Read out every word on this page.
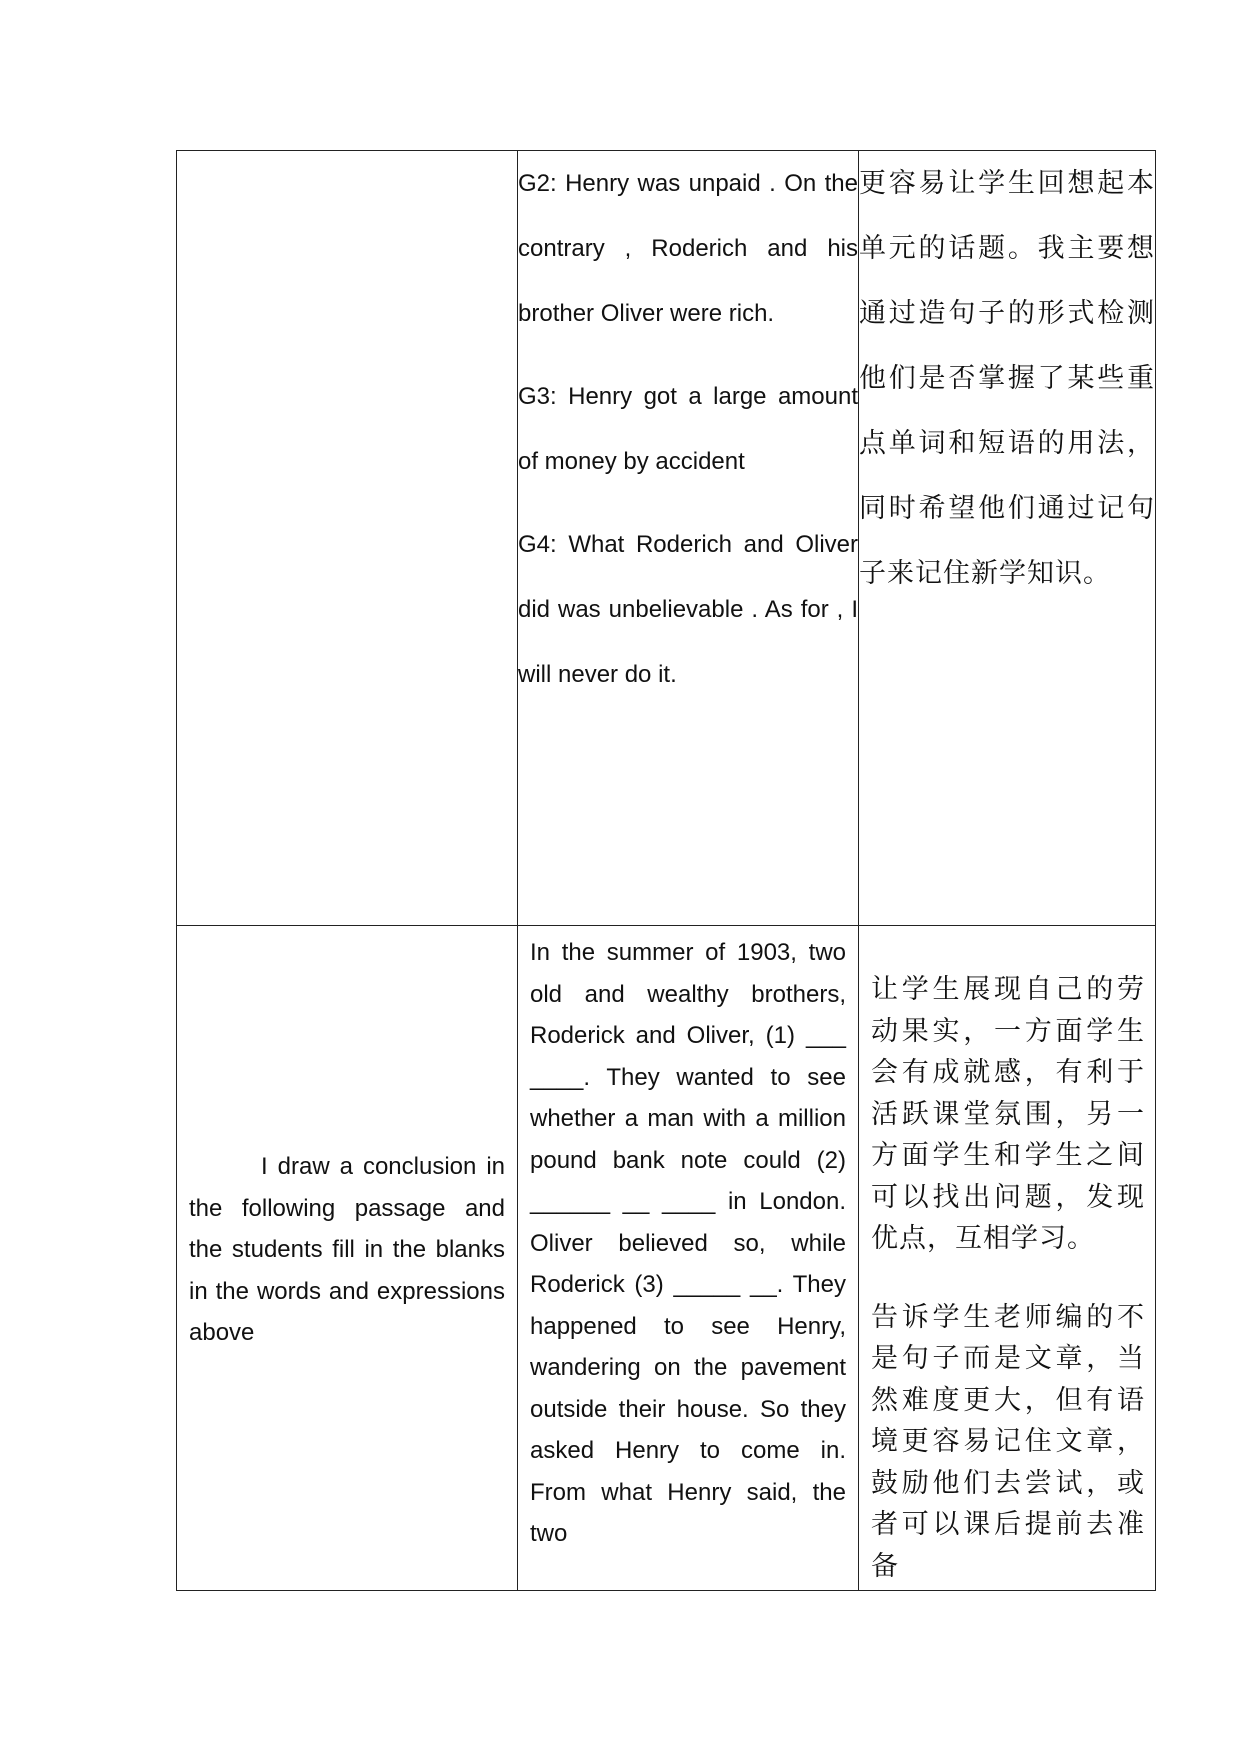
	G2: Henry was unpaid . On the contrary , Roderich and his brother Oliver were rich.

G3: Henry got a large amount of money by accident

G4: What Roderich and Oliver did was unbelievable . As for , I will never do it.	更容易让学生回想起本单元的话题。我主要想通过造句子的形式检测他们是否掌握了某些重点单词和短语的用法，同时希望他们通过记句子来记住新学知识。

I draw a conclusion in the following passage and the students fill in the blanks in the words and expressions above	In the summer of 1903, two old and wealthy brothers, Roderick and Oliver, (1) ___ ____. They wanted to see whether a man with a million pound bank note could (2) ______ __ ____ in London. Oliver believed so, while Roderick (3) _____ __. They happened to see Henry, wandering on the pavement outside their house. So they asked Henry to come in. From what Henry said, the two	让学生展现自己的劳动果实，一方面学生会有成就感，有利于活跃课堂氛围，另一方面学生和学生之间可以找出问题，发现优点，互相学习。

告诉学生老师编的不是句子而是文章，当然难度更大，但有语境更容易记住文章，鼓励他们去尝试，或者可以课后提前去准备
